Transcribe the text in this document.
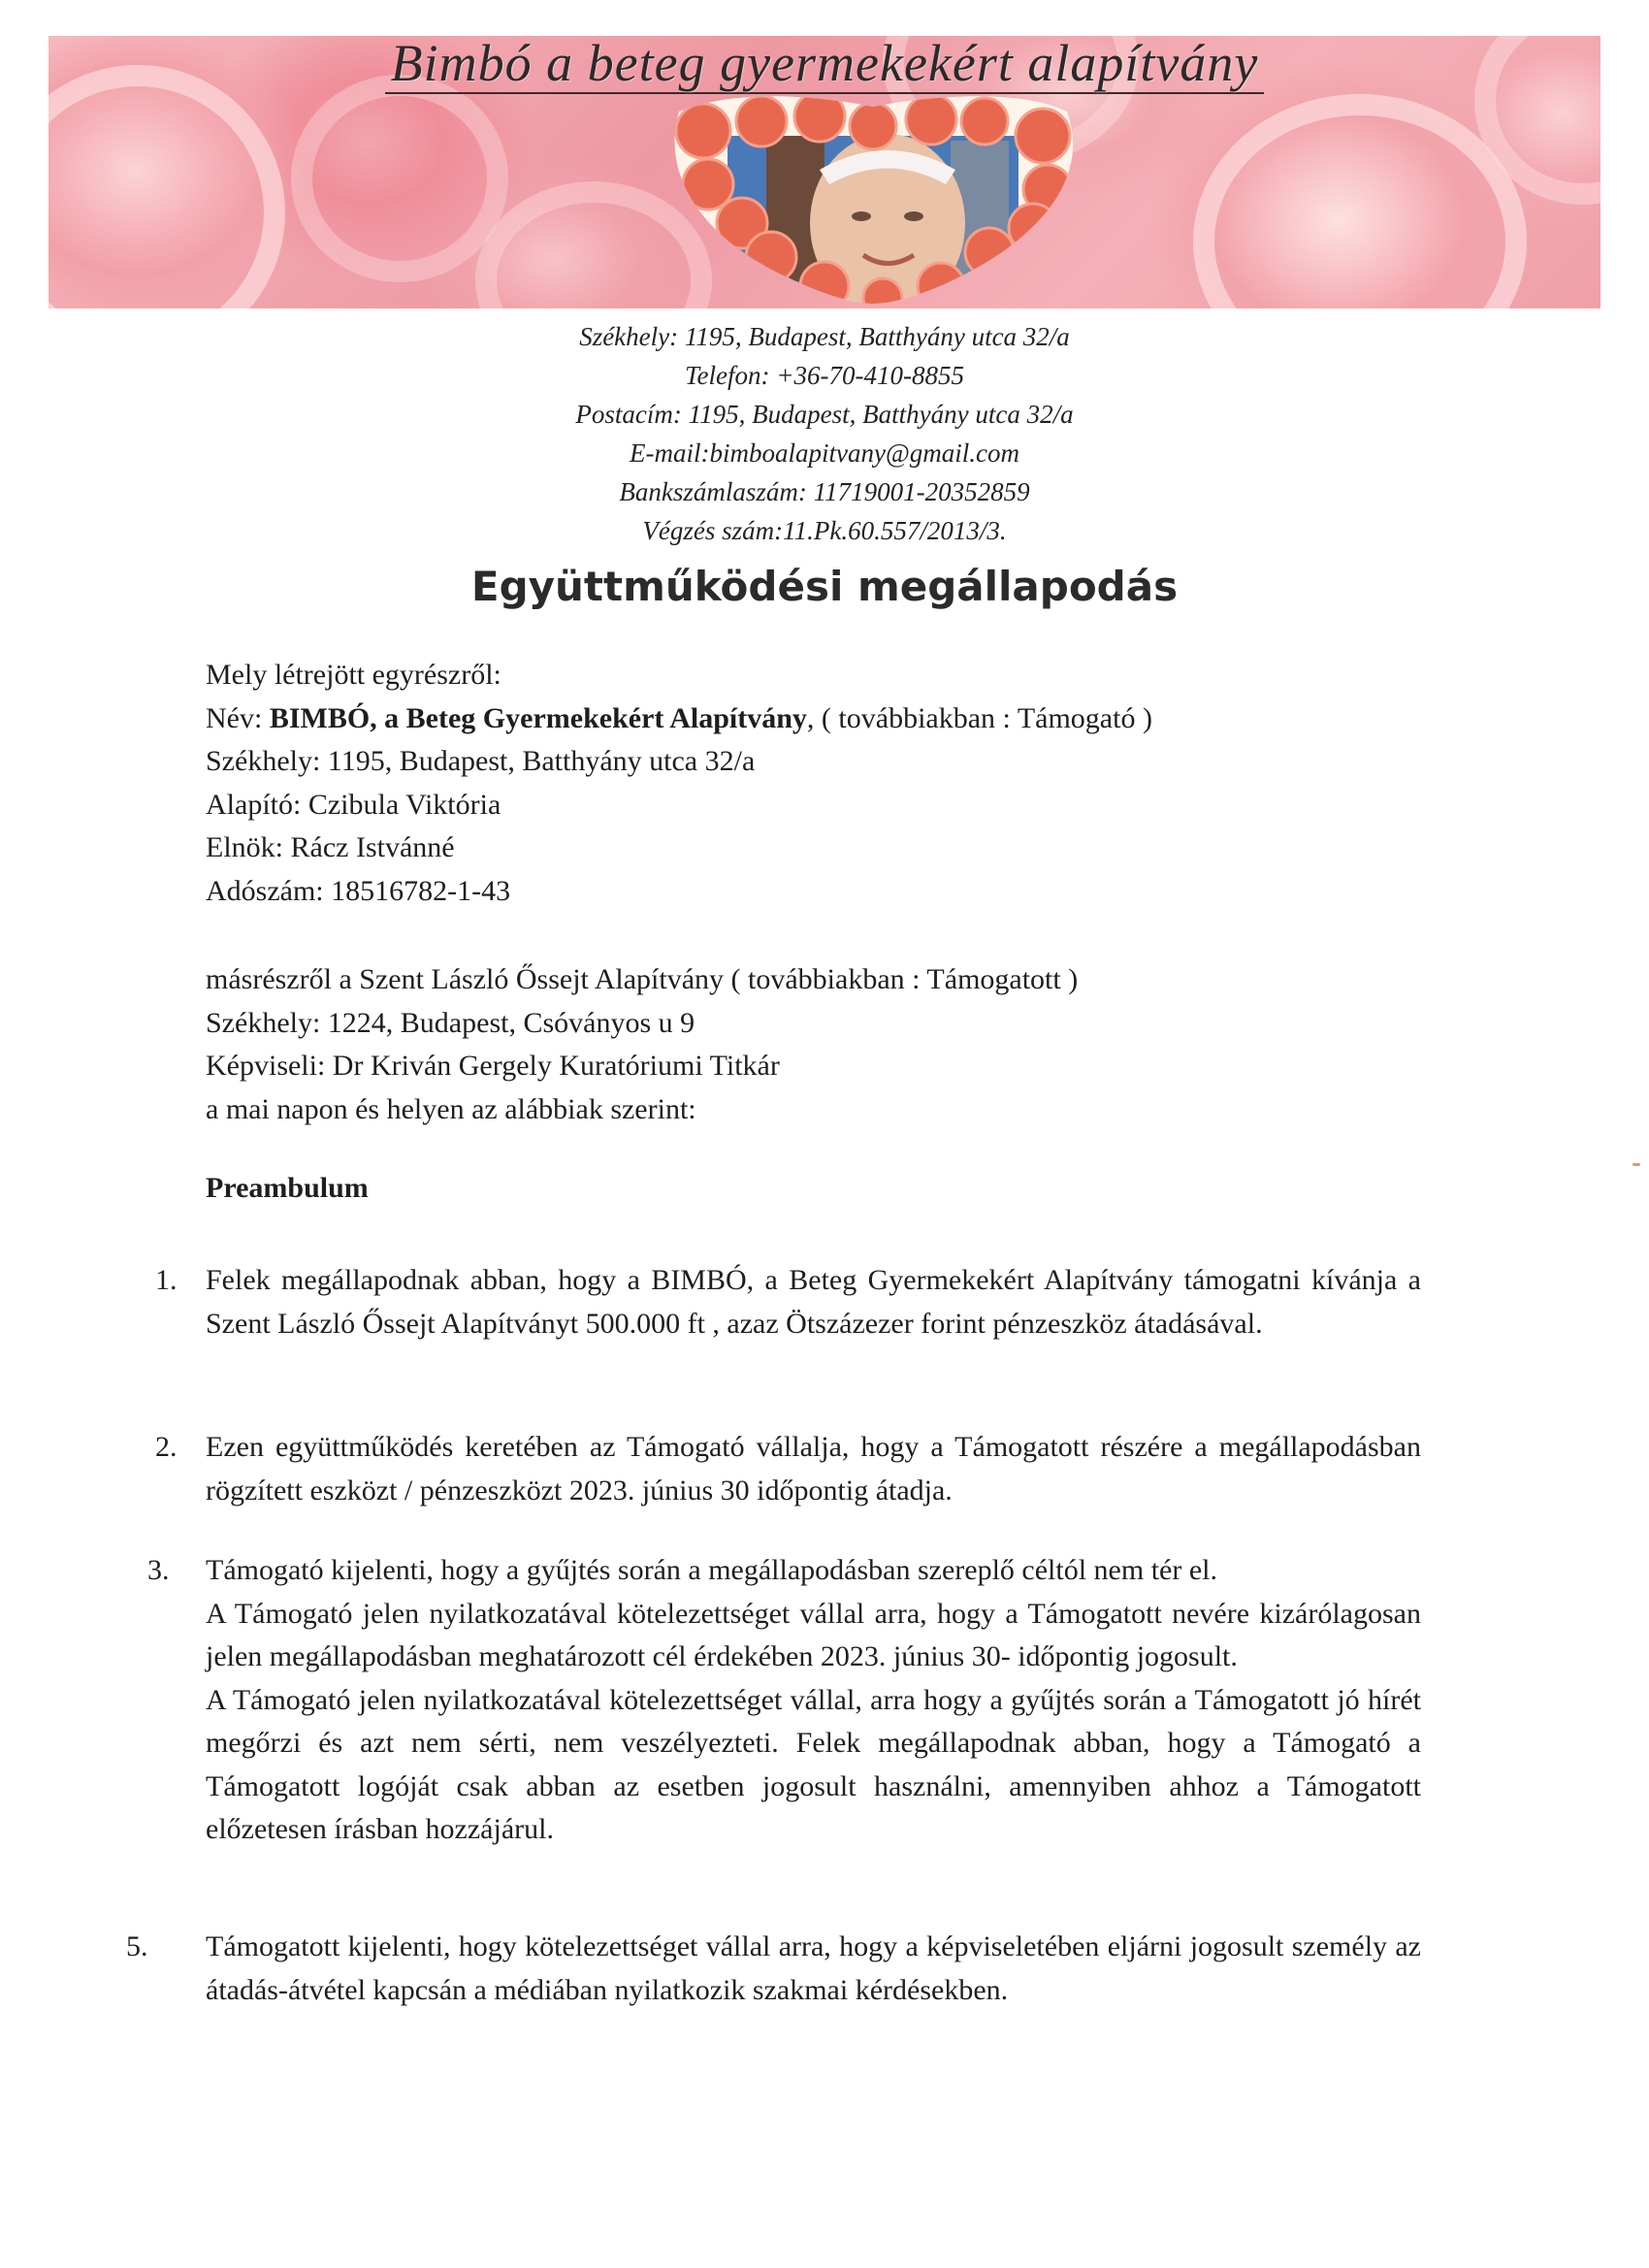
Bimbó a beteg gyermekekért alapítvány
Székhely: 1195, Budapest, Batthyány utca 32/a
Telefon: +36-70-410-8855
Postacím: 1195, Budapest, Batthyány utca 32/a
E-mail:bimboalapitvany@gmail.com
Bankszámlaszám: 11719001-20352859
Végzés szám:11.Pk.60.557/2013/3.
Együttműködési megállapodás
Mely létrejött egyrészről:
Név: BIMBÓ, a Beteg Gyermekekért Alapítvány, ( továbbiakban : Támogató )
Székhely: 1195, Budapest, Batthyány utca 32/a
Alapító: Czibula Viktória
Elnök: Rácz Istvánné
Adószám: 18516782-1-43
másrészről a Szent László Őssejt Alapítvány ( továbbiakban : Támogatott )
Székhely: 1224, Budapest, Csóványos u 9
Képviseli: Dr Kriván Gergely Kuratóriumi Titkár
a mai napon és helyen az alábbiak szerint:
Preambulum
1. Felek megállapodnak abban, hogy a BIMBÓ, a Beteg Gyermekekért Alapítvány támogatni kívánja a Szent László Őssejt Alapítványt 500.000 ft , azaz Ötszázezer forint pénzeszköz átadásával.

2. Ezen együttműködés keretében az Támogató vállalja, hogy a Támogatott részére a megállapodásban rögzített eszközt / pénzeszközt 2023. június 30 időpontig átadja.

3. Támogató kijelenti, hogy a gyűjtés során a megállapodásban szereplő céltól nem tér el.

A Támogató jelen nyilatkozatával kötelezettséget vállal arra, hogy a Támogatott nevére kizárólagosan jelen megállapodásban meghatározott cél érdekében 2023. június 30- időpontig jogosult.

A Támogató jelen nyilatkozatával kötelezettséget vállal, arra hogy a gyűjtés során a Támogatott jó hírét megőrzi és azt nem sérti, nem veszélyezteti. Felek megállapodnak abban, hogy a Támogató a Támogatott logóját csak abban az esetben jogosult használni, amennyiben ahhoz a Támogatott előzetesen írásban hozzájárul.

5. Támogatott kijelenti, hogy kötelezettséget vállal arra, hogy a képviseletében eljárni jogosult személy az átadás-átvétel kapcsán a médiában nyilatkozik szakmai kérdésekben.
